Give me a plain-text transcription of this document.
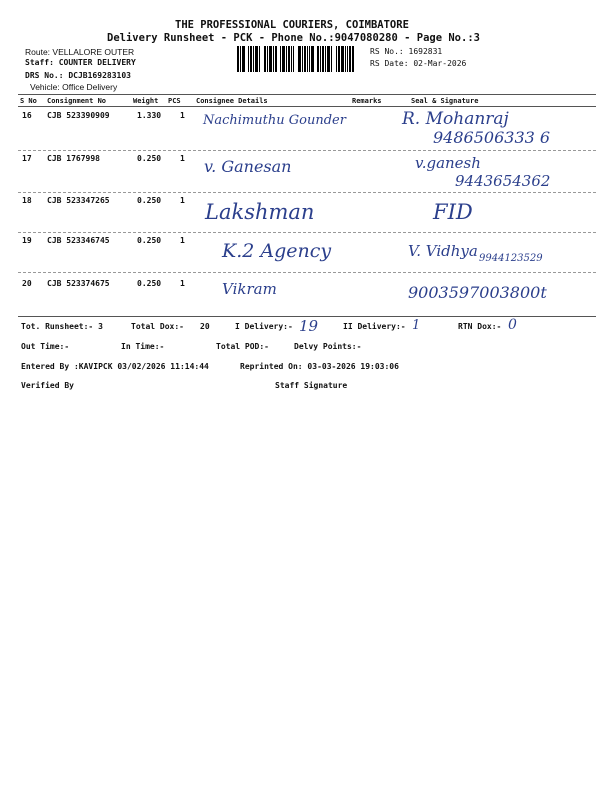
THE PROFESSIONAL COURIERS, COIMBATORE
Delivery Runsheet - PCK - Phone No.:9047080280 - Page No.:3
Route: VELLALORE OUTER
Staff: COUNTER DELIVERY
DRS No.: DCJB169283103
Vehicle: Office Delivery
RS No.: 1692831
RS Date: 02-Mar-2026
S No Consignment No	Weight PCS Consignee Details	Remarks	Seal & Signature
16 CJB 523390909	1.330 1 Nachimuthu Gounder	R. Mohanraj
9486506333 6
17 CJB 1767998	0.250 1 v. Ganesan	v.ganesh
9443654362
18 CJB 523347265	0.250 1 Lakshman	FID
19 CJB 523346745	0.250 1 K.2 Agency	V. Vidhya 9944123529
20 CJB 523374675	0.250 1 Vikram	9003597003800t
Tot. Runsheet:- 3	Total Dox:- 20	I Delivery:- 19	II Delivery:- 1	RTN Dox:- 0
Out Time:-	In Time:-	Total POD:-	Delvy Points:-
Entered By :KAVIPCK 03/02/2026 11:14:44	Reprinted On: 03-03-2026 19:03:06
Verified By	Staff Signature
